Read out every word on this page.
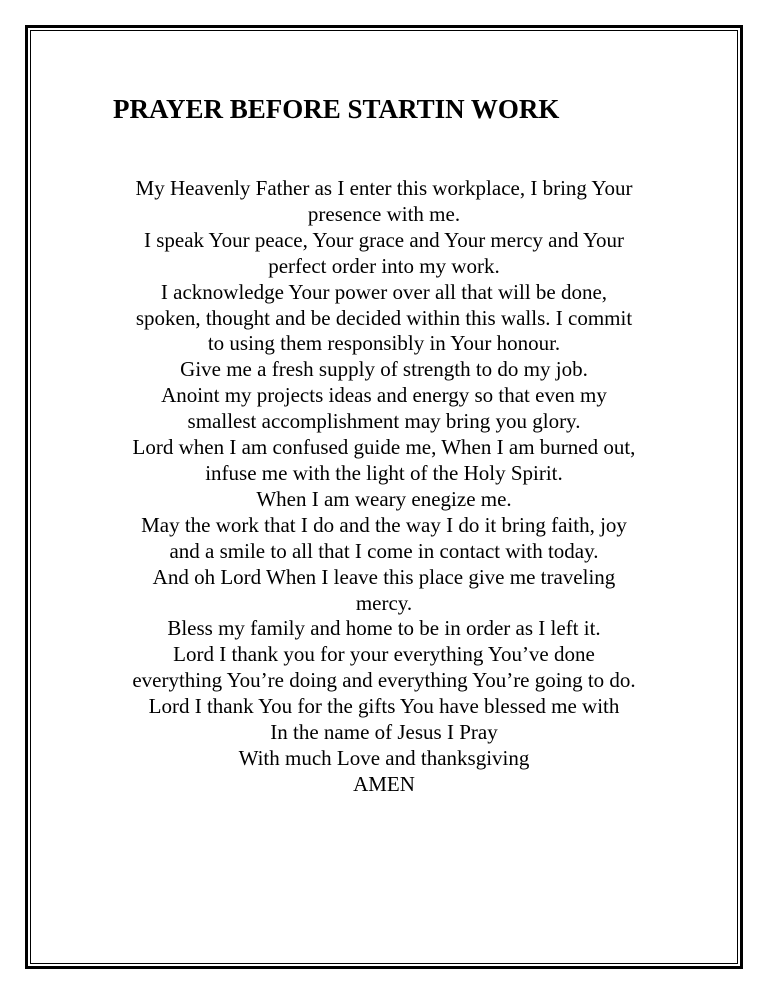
PRAYER BEFORE STARTIN WORK
My Heavenly Father as I enter this workplace, I bring Your
presence with me.
I speak Your peace, Your grace and Your mercy and Your
perfect order into my work.
I acknowledge Your power over all that will be done,
spoken, thought and be decided within this walls. I commit
to using them responsibly in Your honour.
Give me a fresh supply of strength to do my job.
Anoint my projects ideas and energy so that even my
smallest accomplishment may bring you glory.
Lord when I am confused guide me, When I am burned out,
infuse me with the light of the Holy Spirit.
When I am weary enegize me.
May the work that I do and the way I do it bring faith, joy
and a smile to all that I come in contact with today.
And oh Lord When I leave this place give me traveling
mercy.
Bless my family and home to be in order as I left it.
Lord I thank you for your everything You’ve done
everything You’re doing and everything You’re going to do.
Lord I thank You for the gifts You have blessed me with
In the name of Jesus I Pray
With much Love and thanksgiving
AMEN
